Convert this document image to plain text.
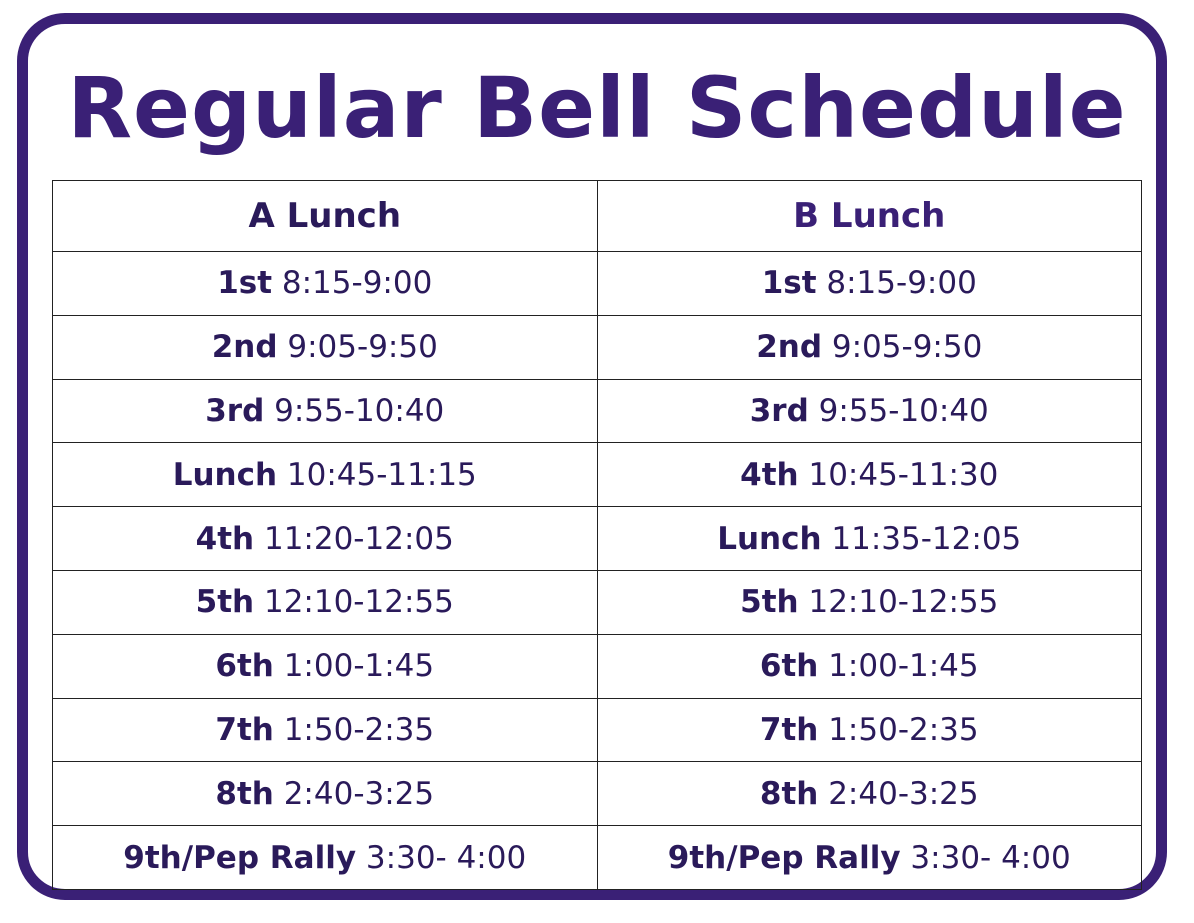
Regular Bell Schedule
A Lunch	B Lunch
1st 8:15-9:00	1st 8:15-9:00
2nd 9:05-9:50	2nd 9:05-9:50
3rd 9:55-10:40	3rd 9:55-10:40
Lunch 10:45-11:15	4th 10:45-11:30
4th 11:20-12:05	Lunch 11:35-12:05
5th 12:10-12:55	5th 12:10-12:55
6th 1:00-1:45	6th 1:00-1:45
7th 1:50-2:35	7th 1:50-2:35
8th 2:40-3:25	8th 2:40-3:25
9th/Pep Rally 3:30- 4:00	9th/Pep Rally 3:30- 4:00
